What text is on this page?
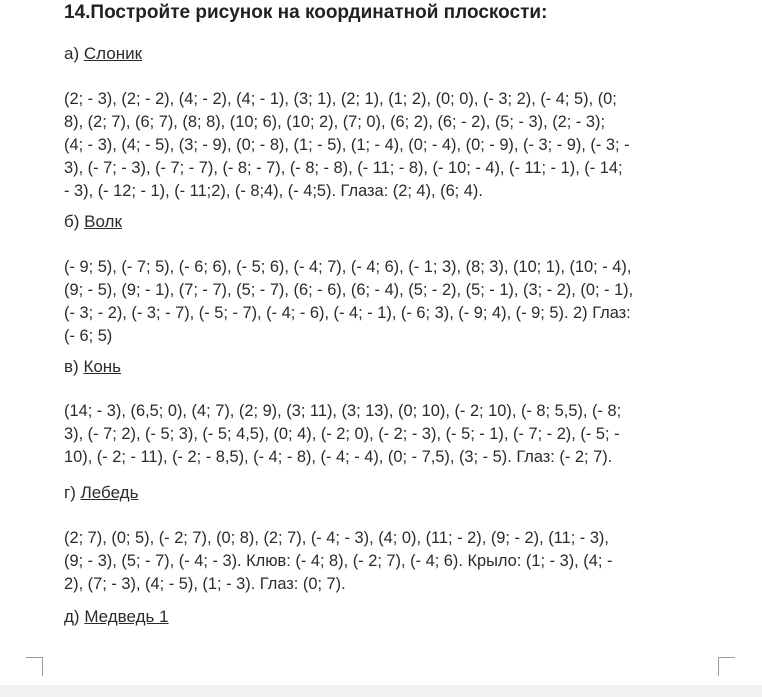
14.Постройте рисунок на координатной плоскости:
а) Слоник

(2; - 3), (2; - 2), (4; - 2), (4; - 1), (3; 1), (2; 1), (1; 2), (0; 0), (- 3; 2), (- 4; 5), (0;
8), (2; 7), (6; 7), (8; 8), (10; 6), (10; 2), (7; 0), (6; 2), (6; - 2), (5; - 3), (2; - 3);
(4; - 3), (4; - 5), (3; - 9), (0; - 8), (1; - 5), (1; - 4), (0; - 4), (0; - 9), (- 3; - 9), (- 3; -
3), (- 7; - 3), (- 7; - 7), (- 8; - 7), (- 8; - 8), (- 11; - 8), (- 10; - 4), (- 11; - 1), (- 14;
- 3), (- 12; - 1), (- 11;2), (- 8;4), (- 4;5). Глаза: (2; 4), (6; 4).

б) Волк

(- 9; 5), (- 7; 5), (- 6; 6), (- 5; 6), (- 4; 7), (- 4; 6), (- 1; 3), (8; 3), (10; 1), (10; - 4),
(9; - 5), (9; - 1), (7; - 7), (5; - 7), (6; - 6), (6; - 4), (5; - 2), (5; - 1), (3; - 2), (0; - 1),
(- 3; - 2), (- 3; - 7), (- 5; - 7), (- 4; - 6), (- 4; - 1), (- 6; 3), (- 9; 4), (- 9; 5). 2) Глаз:
(- 6; 5)

в) Конь

(14; - 3), (6,5; 0), (4; 7), (2; 9), (3; 11), (3; 13), (0; 10), (- 2; 10), (- 8; 5,5), (- 8;
3), (- 7; 2), (- 5; 3), (- 5; 4,5), (0; 4), (- 2; 0), (- 2; - 3), (- 5; - 1), (- 7; - 2), (- 5; -
10), (- 2; - 11), (- 2; - 8,5), (- 4; - 8), (- 4; - 4), (0; - 7,5), (3; - 5). Глаз: (- 2; 7).

г) Лебедь

(2; 7), (0; 5), (- 2; 7), (0; 8), (2; 7), (- 4; - 3), (4; 0), (11; - 2), (9; - 2), (11; - 3),
(9; - 3), (5; - 7), (- 4; - 3). Клюв: (- 4; 8), (- 2; 7), (- 4; 6). Крыло: (1; - 3), (4; -
2), (7; - 3), (4; - 5), (1; - 3). Глаз: (0; 7).

д) Медведь 1
